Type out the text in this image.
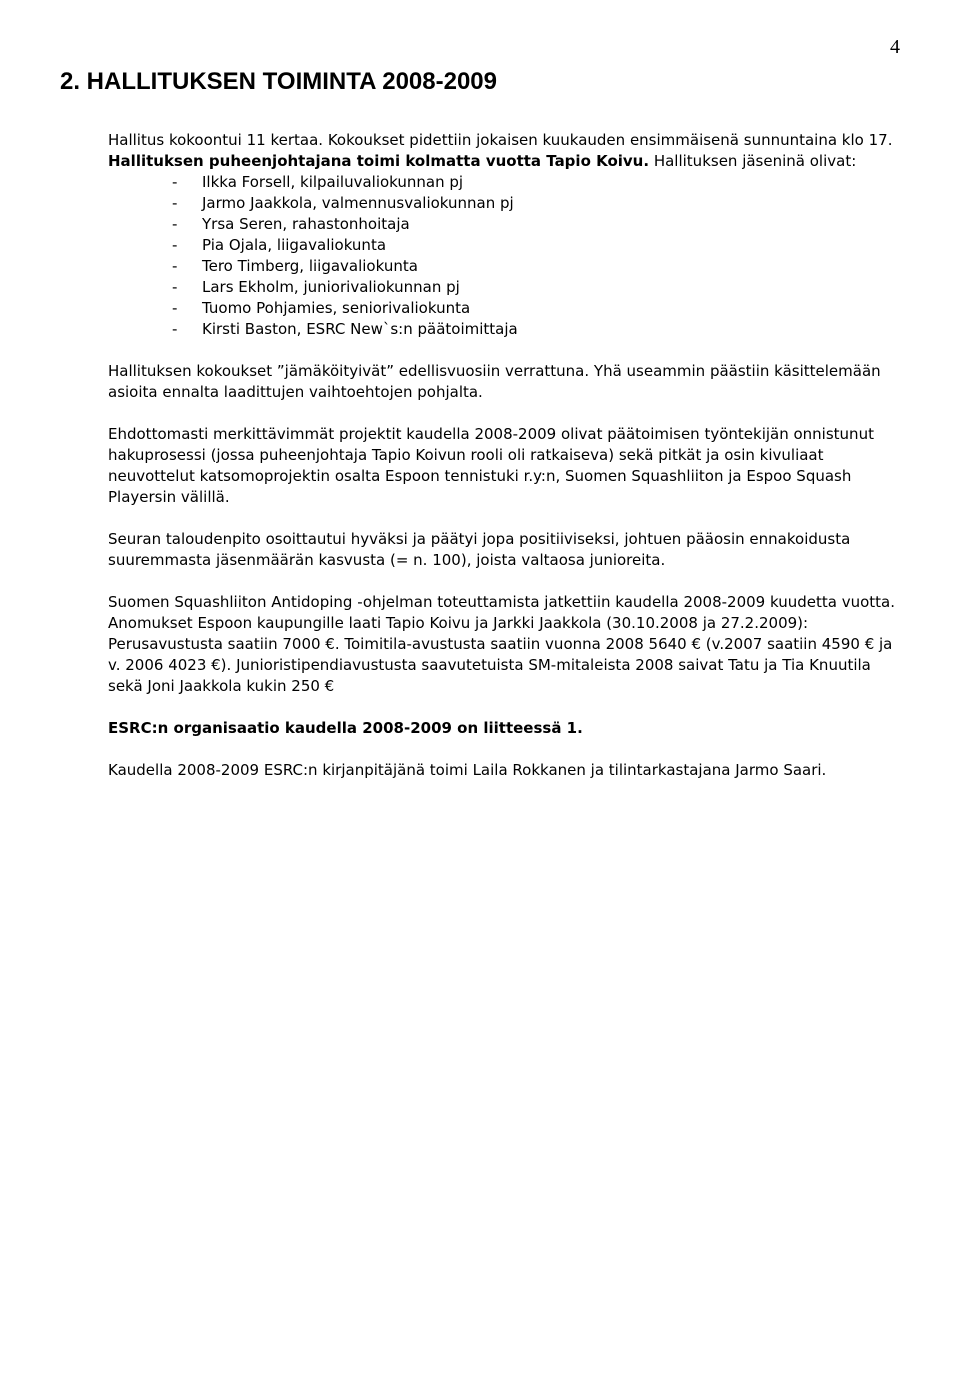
4
2. HALLITUKSEN TOIMINTA 2008-2009

Hallitus kokoontui 11 kertaa. Kokoukset pidettiin jokaisen kuukauden ensimmäisenä sunnuntaina klo 17.

Hallituksen puheenjohtajana toimi kolmatta vuotta Tapio Koivu. Hallituksen jäseninä olivat:

- Ilkka Forsell, kilpailuvaliokunnan pj
- Jarmo Jaakkola, valmennusvaliokunnan pj
- Yrsa Seren, rahastonhoitaja
- Pia Ojala, liigavaliokunta
- Tero Timberg, liigavaliokunta
- Lars Ekholm, juniorivaliokunnan pj
- Tuomo Pohjamies, seniorivaliokunta
- Kirsti Baston, ESRC New`s:n päätoimittaja

Hallituksen kokoukset ”jämäköityivät” edellisvuosiin verrattuna. Yhä useammin päästiin käsittelemään asioita ennalta laadittujen vaihtoehtojen pohjalta.

Ehdottomasti merkittävimmät projektit kaudella 2008-2009 olivat päätoimisen työntekijän onnistunut hakuprosessi (jossa puheenjohtaja Tapio Koivun rooli oli ratkaiseva) sekä pitkät ja osin kivuliaat neuvottelut katsomoprojektin osalta Espoon tennistuki r.y:n, Suomen Squashliiton ja Espoo Squash Playersin välillä.

Seuran taloudenpito osoittautui hyväksi ja päätyi jopa positiiviseksi, johtuen pääosin ennakoidusta suuremmasta jäsenmäärän kasvusta (= n. 100), joista valtaosa junioreita.

Suomen Squashliiton Antidoping -ohjelman toteuttamista jatkettiin kaudella 2008-2009 kuudetta vuotta. Anomukset Espoon kaupungille laati Tapio Koivu ja Jarkki Jaakkola (30.10.2008 ja 27.2.2009): Perusavustusta saatiin 7000 €. Toimitila-avustusta saatiin vuonna 2008 5640 € (v.2007 saatiin 4590 € ja v. 2006 4023 €). Junioristipendiavustusta saavutetuista SM-mitaleista 2008 saivat Tatu ja Tia Knuutila sekä Joni Jaakkola kukin 250 €

ESRC:n organisaatio kaudella 2008-2009 on liitteessä 1.

Kaudella 2008-2009 ESRC:n kirjanpitäjänä toimi Laila Rokkanen ja tilintarkastajana Jarmo Saari.
